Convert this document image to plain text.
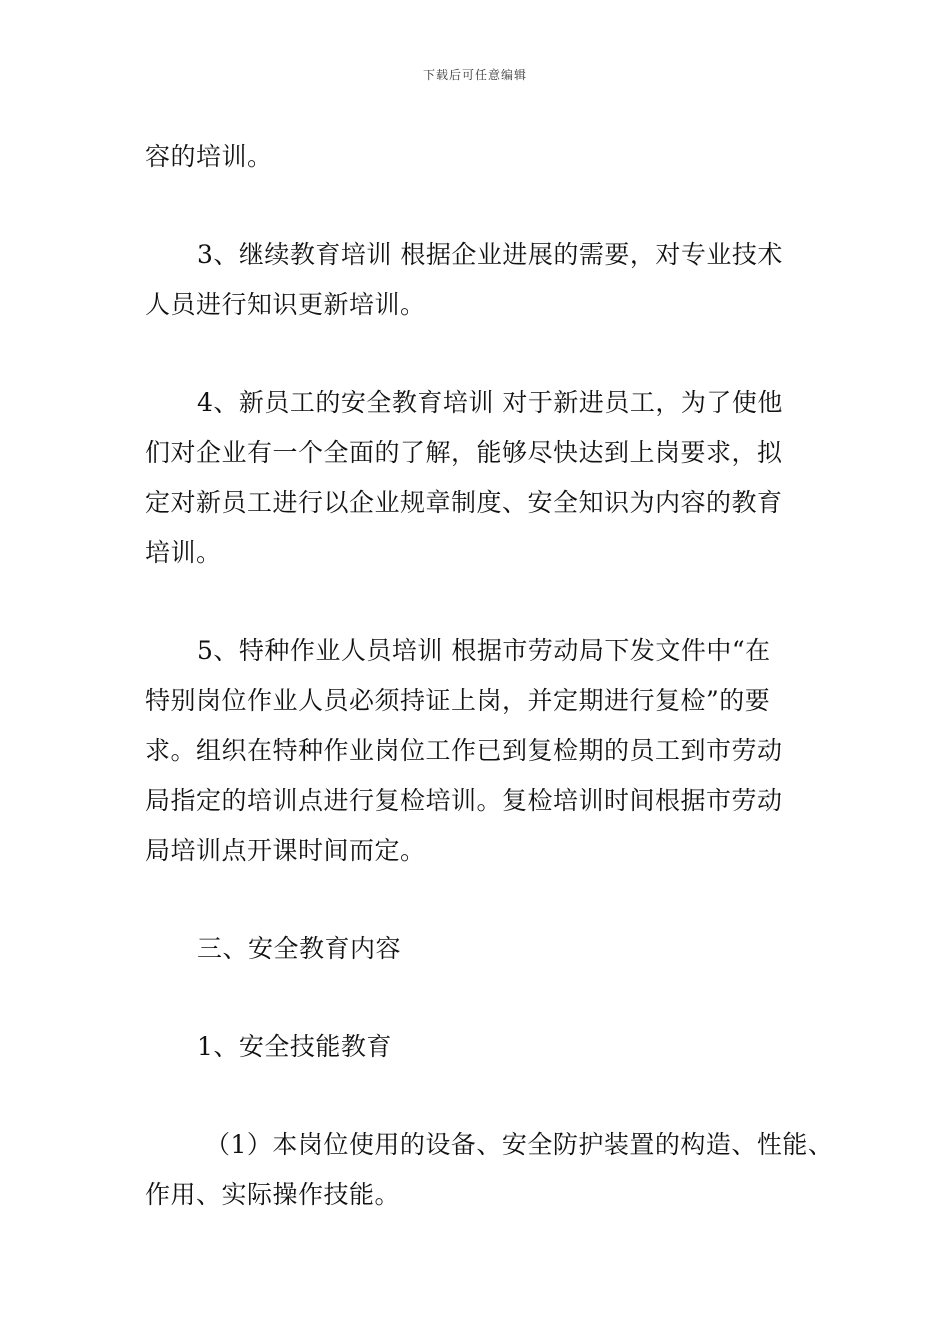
下载后可任意编辑

容的培训。

3、继续教育培训 根据企业进展的需要，对专业技术
人员进行知识更新培训。

4、新员工的安全教育培训 对于新进员工，为了使他
们对企业有一个全面的了解，能够尽快达到上岗要求，拟
定对新员工进行以企业规章制度、安全知识为内容的教育
培训。

5、特种作业人员培训 根据市劳动局下发文件中“在
特别岗位作业人员必须持证上岗，并定期进行复检”的要
求。组织在特种作业岗位工作已到复检期的员工到市劳动
局指定的培训点进行复检培训。复检培训时间根据市劳动
局培训点开课时间而定。

三、安全教育内容

1、安全技能教育

（1）本岗位使用的设备、安全防护装置的构造、性能、
作用、实际操作技能。
